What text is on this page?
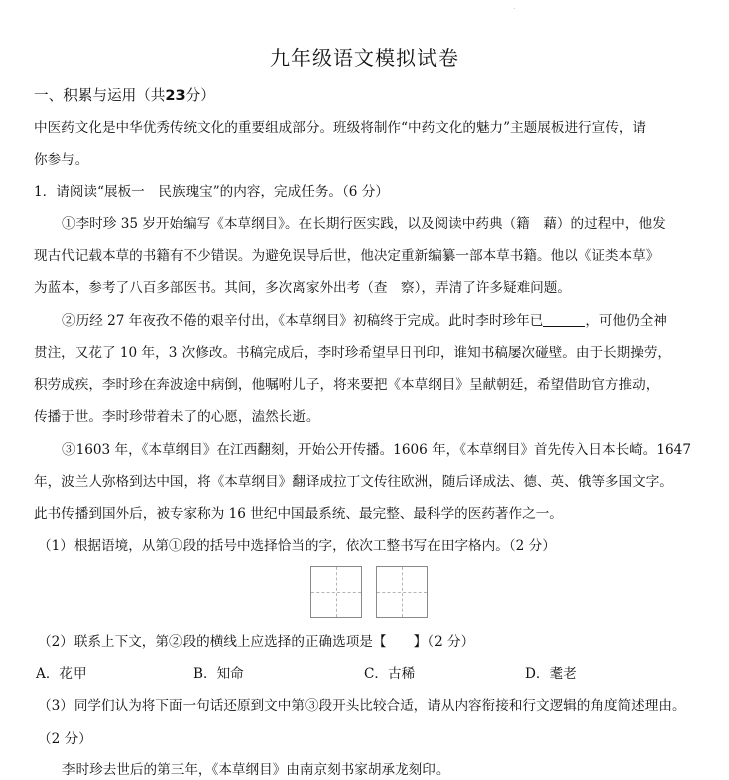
九年级语文模拟试卷
一、积累与运用（共23分）
中医药文化是中华优秀传统文化的重要组成部分。班级将制作“中药文化的魅力”主题展板进行宣传，请
你参与。
1．请阅读“展板一　民族瑰宝”的内容，完成任务。（6 分）
①李时珍 35 岁开始编写《本草纲目》。在长期行医实践，以及阅读中药典（籍　藉）的过程中，他发
现古代记载本草的书籍有不少错误。为避免误导后世，他决定重新编纂一部本草书籍。他以《证类本草》
为蓝本，参考了八百多部医书。其间，多次离家外出考（查　察），弄清了许多疑难问题。
②历经 27 年夜孜不倦的艰辛付出，《本草纲目》初稿终于完成。此时李时珍年已	，可他仍全神
贯注，又花了 10 年，3 次修改。书稿完成后，李时珍希望早日刊印，谁知书稿屡次碰壁。由于长期操劳，
积劳成疾，李时珍在奔波途中病倒，他嘱咐儿子，将来要把《本草纲目》呈献朝廷，希望借助官方推动，
传播于世。李时珍带着未了的心愿，溘然长逝。
③1603 年，《本草纲目》在江西翻刻，开始公开传播。1606 年，《本草纲目》首先传入日本长崎。1647
年，波兰人弥格到达中国，将《本草纲目》翻译成拉丁文传往欧洲，随后译成法、德、英、俄等多国文字。
此书传播到国外后，被专家称为 16 世纪中国最系统、最完整、最科学的医药著作之一。
（1）根据语境，从第①段的括号中选择恰当的字，依次工整书写在田字格内。（2 分）
（2）联系上下文，第②段的横线上应选择的正确选项是【　　】（2 分）
A．花甲	B．知命	C．古稀	D．耄老
（3）同学们认为将下面一句话还原到文中第③段开头比较合适，请从内容衔接和行文逻辑的角度简述理由。
（2 分）
李时珍去世后的第三年，《本草纲目》由南京刻书家胡承龙刻印。
